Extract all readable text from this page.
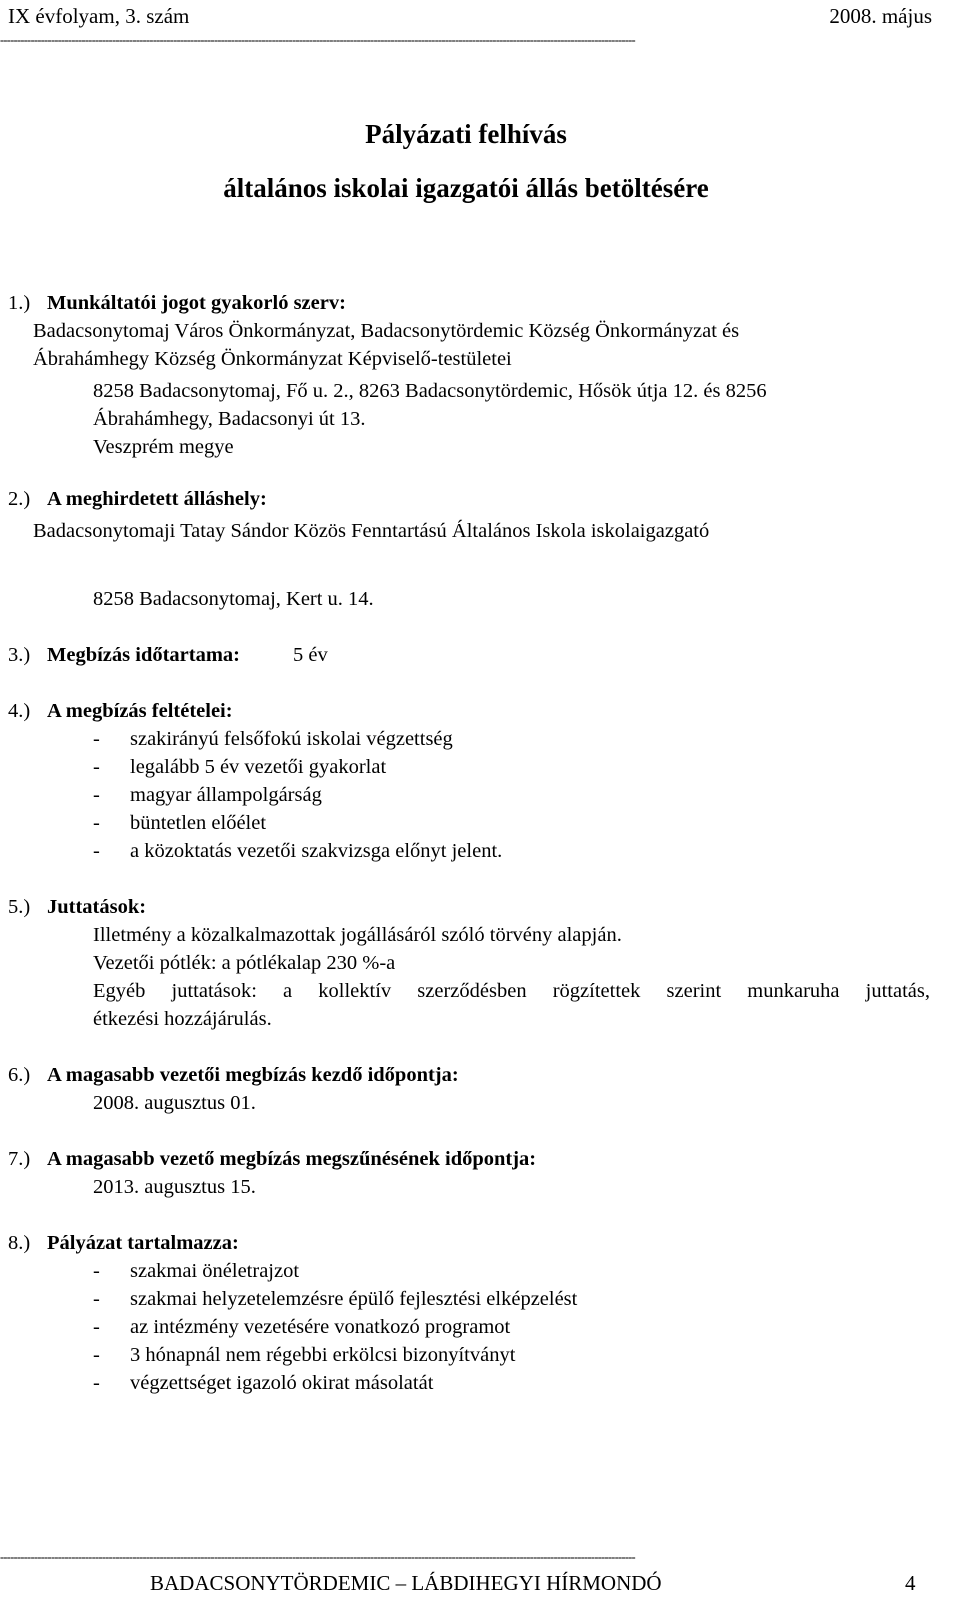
IX évfolyam, 3. szám	2008. május
-------------------------------------------------------------------------------------------------------------------------------------------------------------------------------------------
Pályázati felhívás
általános iskolai igazgatói állás betöltésére
1.) Munkáltatói jogot gyakorló szerv:
Badacsonytomaj Város Önkormányzat, Badacsonytördemic Község Önkormányzat és
Ábrahámhegy Község Önkormányzat Képviselő-testületei
8258 Badacsonytomaj, Fő u. 2., 8263 Badacsonytördemic, Hősök útja 12. és 8256
Ábrahámhegy, Badacsonyi út 13.
Veszprém megye
2.) A meghirdetett álláshely:
Badacsonytomaji Tatay Sándor Közös Fenntartású Általános Iskola iskolaigazgató
8258 Badacsonytomaj, Kert u. 14.
3.) Megbízás időtartama:	5 év
4.) A megbízás feltételei:
- szakirányú felsőfokú iskolai végzettség
- legalább 5 év vezetői gyakorlat
- magyar állampolgárság
- büntetlen előélet
- a közoktatás vezetői szakvizsga előnyt jelent.
5.) Juttatások:
Illetmény a közalkalmazottak jogállásáról szóló törvény alapján.
Vezetői pótlék: a pótlékalap 230 %-a
Egyéb juttatások: a kollektív szerződésben rögzítettek szerint munkaruha juttatás,
étkezési hozzájárulás.
6.) A magasabb vezetői megbízás kezdő időpontja:
2008. augusztus 01.
7.) A magasabb vezető megbízás megszűnésének időpontja:
2013. augusztus 15.
8.) Pályázat tartalmazza:
- szakmai önéletrajzot
- szakmai helyzetelemzésre épülő fejlesztési elképzelést
- az intézmény vezetésére vonatkozó programot
- 3 hónapnál nem régebbi erkölcsi bizonyítványt
- végzettséget igazoló okirat másolatát
-------------------------------------------------------------------------------------------------------------------------------------------------------------------------------------------
BADACSONYTÖRDEMIC – LÁBDIHEGYI HÍRMONDÓ	4
